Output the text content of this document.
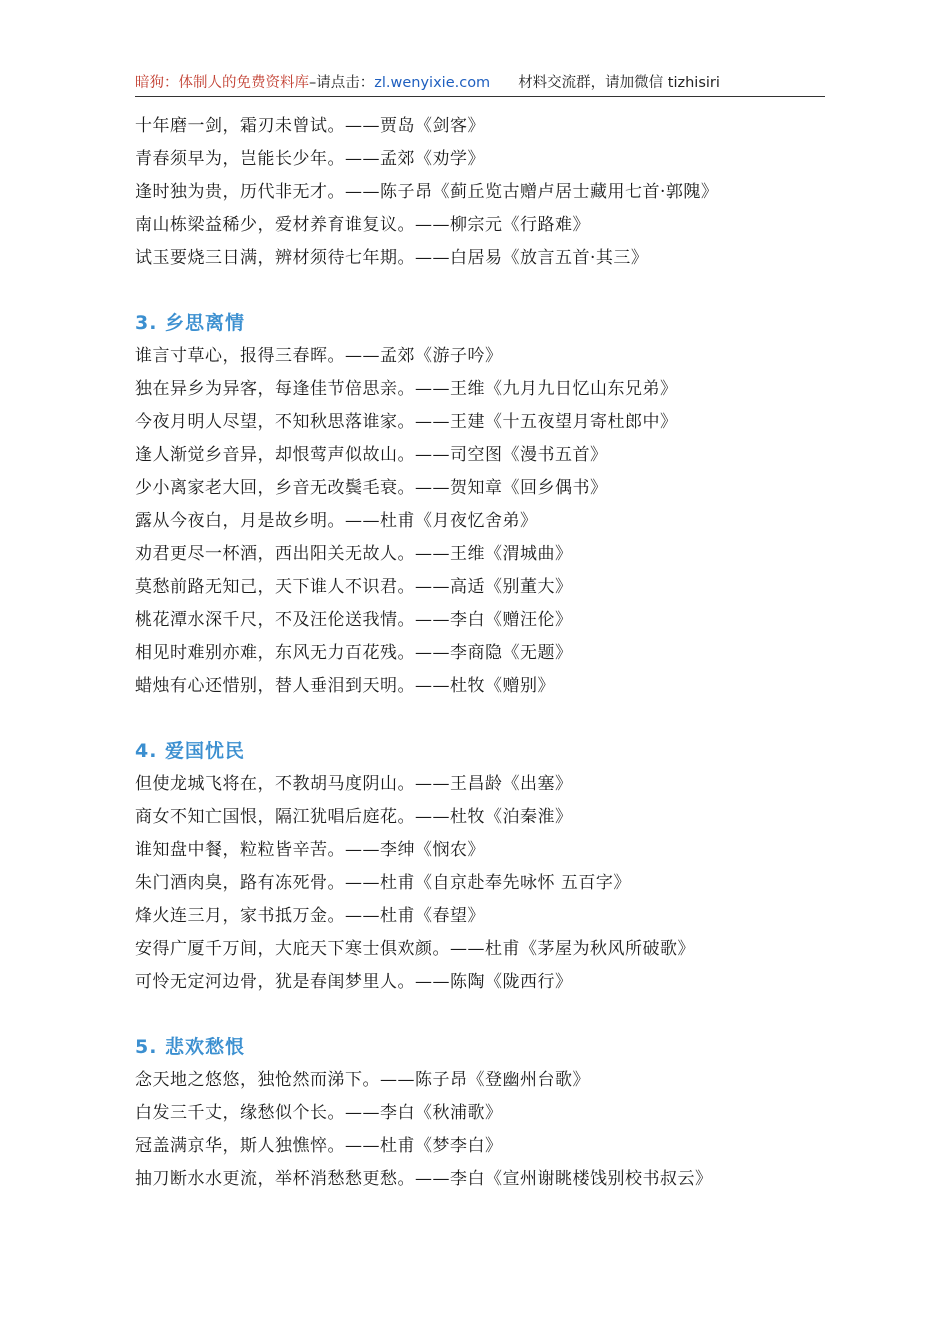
暗狗：体制人的免费资料库–请点击：zl.wenyixie.com 材料交流群，请加微信 tizhisiri
十年磨一剑，霜刃未曾试。——贾岛《剑客》
青春须早为，岂能长少年。——孟郊《劝学》
逢时独为贵，历代非无才。——陈子昂《蓟丘览古赠卢居士藏用七首·郭隗》
南山栋梁益稀少，爱材养育谁复议。——柳宗元《行路难》
试玉要烧三日满，辨材须待七年期。——白居易《放言五首·其三》
3. 乡思离情
谁言寸草心，报得三春晖。——孟郊《游子吟》
独在异乡为异客，每逢佳节倍思亲。——王维《九月九日忆山东兄弟》
今夜月明人尽望，不知秋思落谁家。——王建《十五夜望月寄杜郎中》
逢人渐觉乡音异，却恨莺声似故山。——司空图《漫书五首》
少小离家老大回，乡音无改鬓毛衰。——贺知章《回乡偶书》
露从今夜白，月是故乡明。——杜甫《月夜忆舍弟》
劝君更尽一杯酒，西出阳关无故人。——王维《渭城曲》
莫愁前路无知己，天下谁人不识君。——高适《别董大》
桃花潭水深千尺，不及汪伦送我情。——李白《赠汪伦》
相见时难别亦难，东风无力百花残。——李商隐《无题》
蜡烛有心还惜别，替人垂泪到天明。——杜牧《赠别》
4. 爱国忧民
但使龙城飞将在，不教胡马度阴山。——王昌龄《出塞》
商女不知亡国恨，隔江犹唱后庭花。——杜牧《泊秦淮》
谁知盘中餐，粒粒皆辛苦。——李绅《悯农》
朱门酒肉臭，路有冻死骨。——杜甫《自京赴奉先咏怀 五百字》
烽火连三月，家书抵万金。——杜甫《春望》
安得广厦千万间，大庇天下寒士俱欢颜。——杜甫《茅屋为秋风所破歌》
可怜无定河边骨，犹是春闺梦里人。——陈陶《陇西行》
5. 悲欢愁恨
念天地之悠悠，独怆然而涕下。——陈子昂《登幽州台歌》
白发三千丈，缘愁似个长。——李白《秋浦歌》
冠盖满京华，斯人独憔悴。——杜甫《梦李白》
抽刀断水水更流，举杯消愁愁更愁。——李白《宣州谢眺楼饯别校书叔云》
